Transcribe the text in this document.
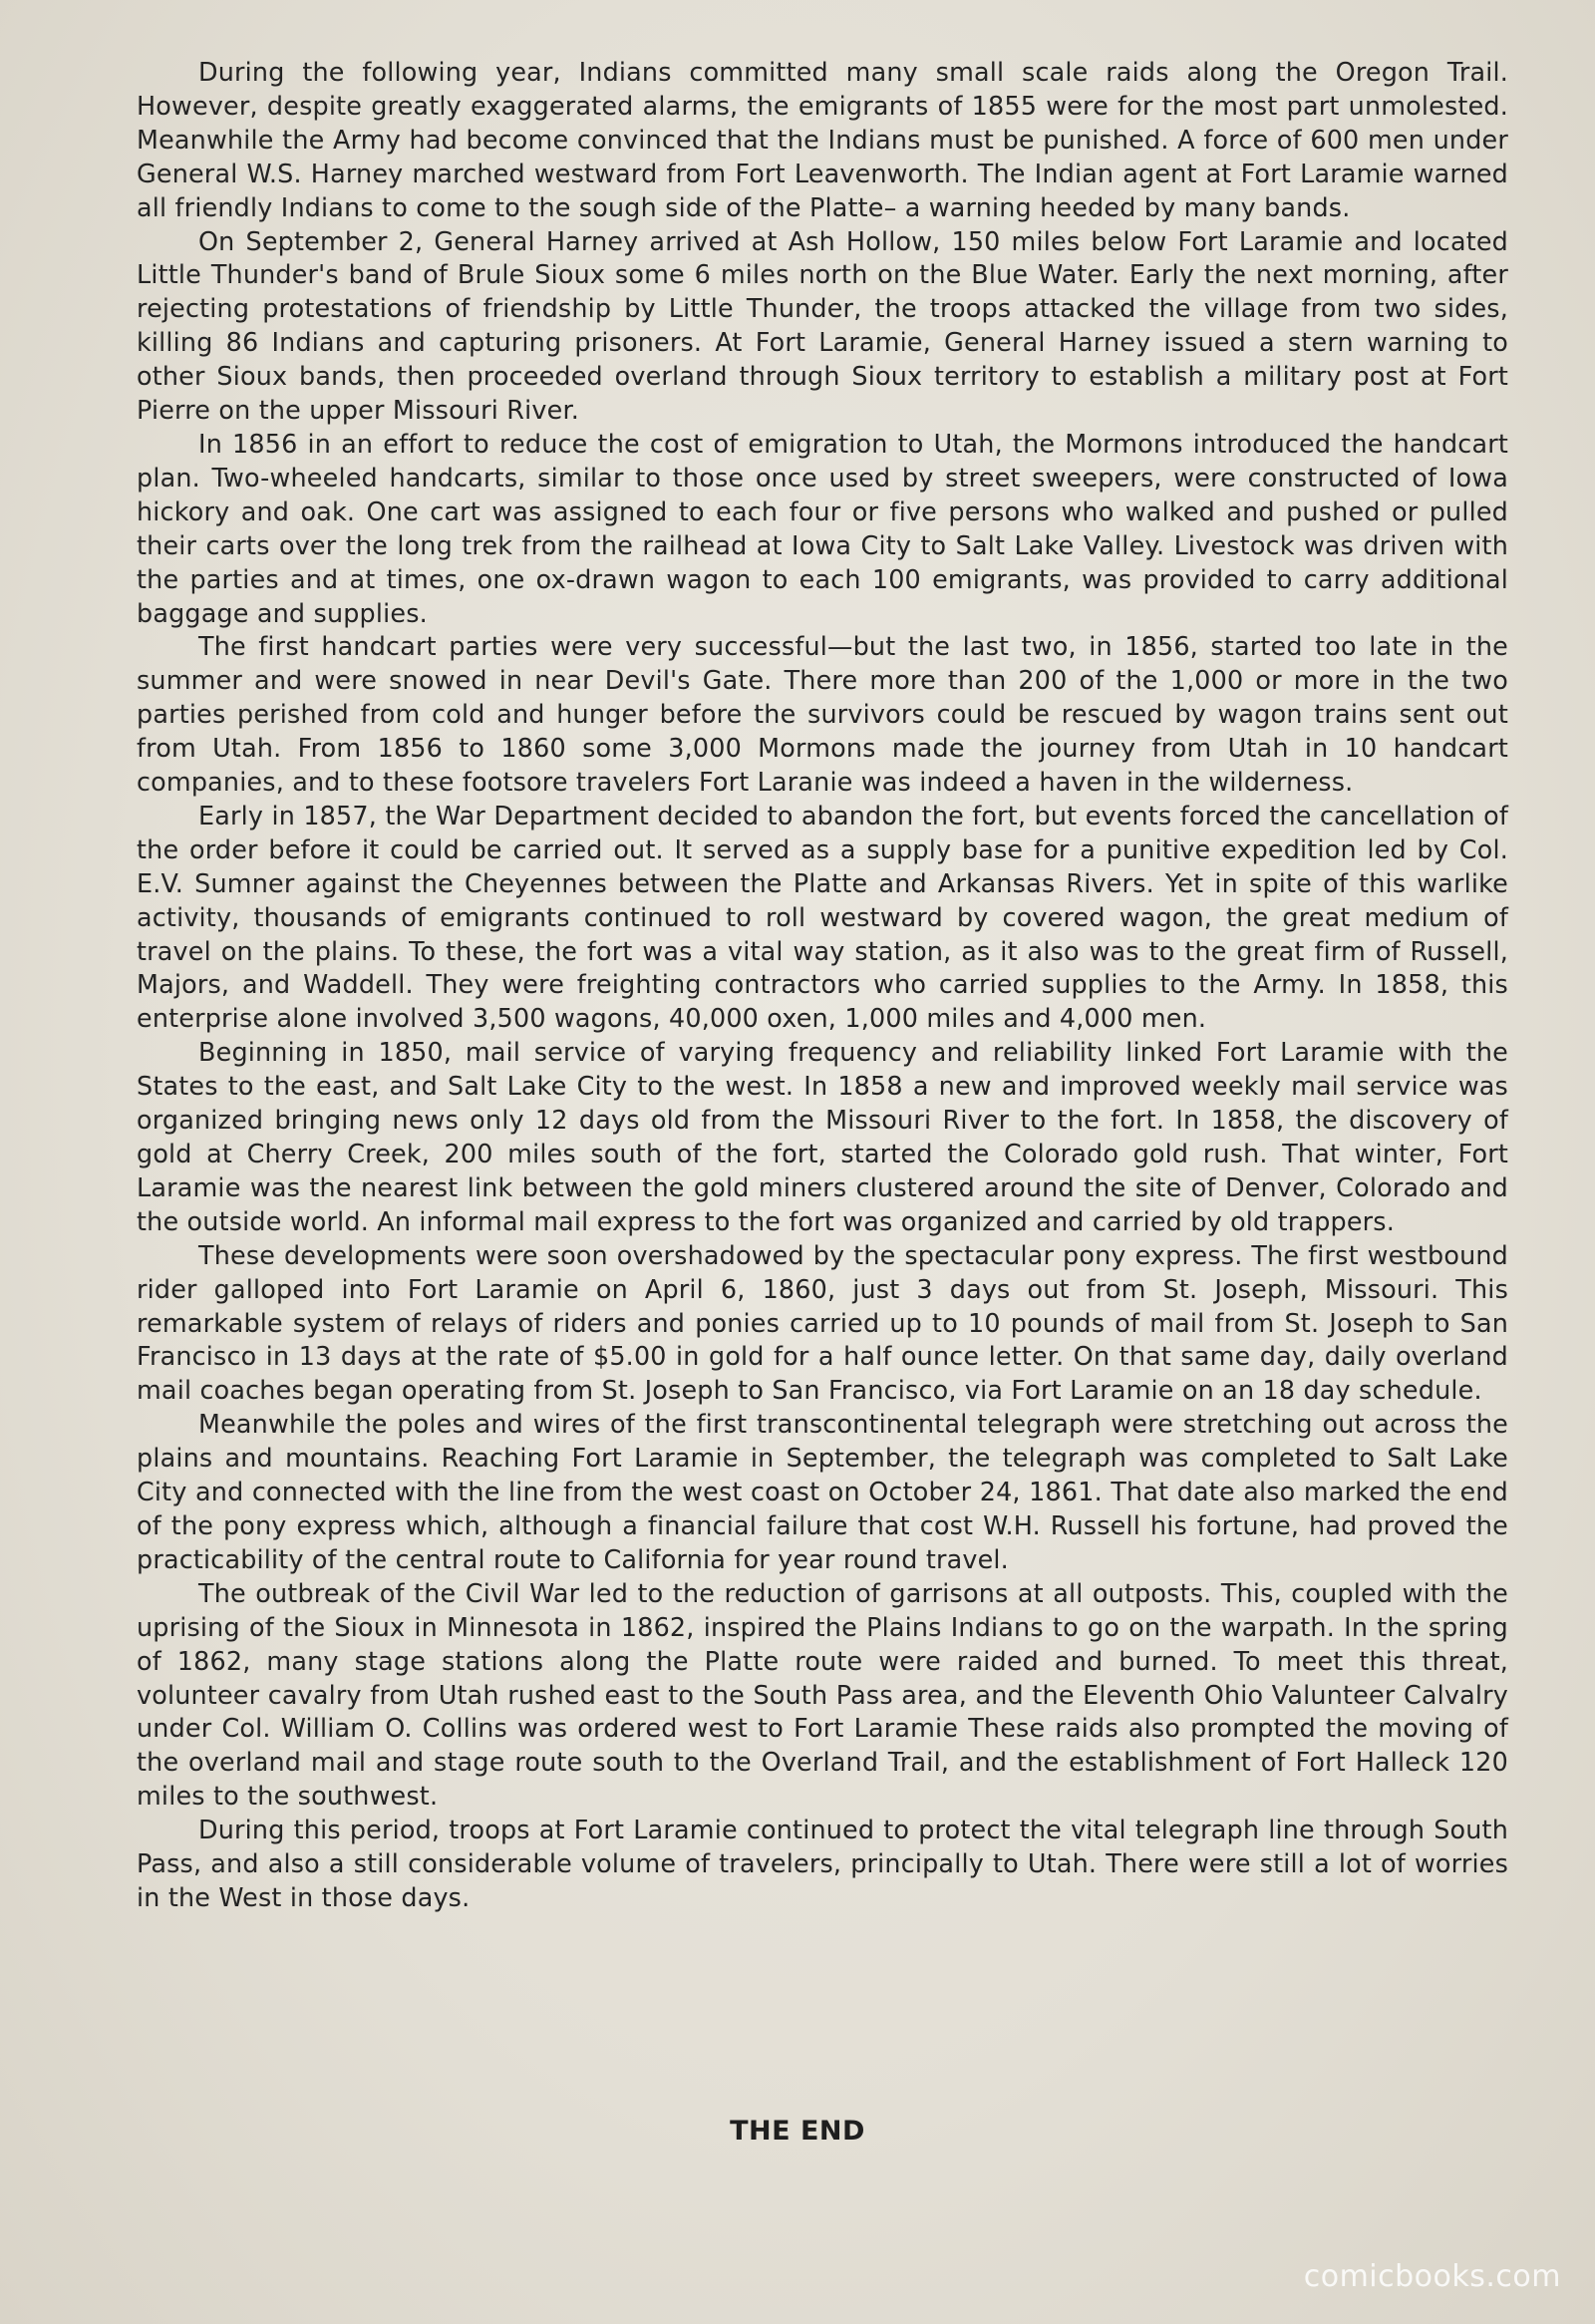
During the following year, Indians committed many small scale raids along the Oregon Trail. However, despite greatly exaggerated alarms, the emigrants of 1855 were for the most part unmolested. Meanwhile the Army had become convinced that the Indians must be punished. A force of 600 men under General W.S. Harney marched westward from Fort Leavenworth. The Indian agent at Fort Laramie warned all friendly Indians to come to the sough side of the Platte– a warning heeded by many bands.

On September 2, General Harney arrived at Ash Hollow, 150 miles below Fort Laramie and located Little Thunder's band of Brule Sioux some 6 miles north on the Blue Water. Early the next morning, after rejecting protestations of friendship by Little Thunder, the troops attacked the village from two sides, killing 86 Indians and capturing prisoners. At Fort Laramie, General Harney issued a stern warning to other Sioux bands, then proceeded overland through Sioux territory to establish a military post at Fort Pierre on the upper Missouri River.

In 1856 in an effort to reduce the cost of emigration to Utah, the Mormons introduced the handcart plan. Two-wheeled handcarts, similar to those once used by street sweepers, were constructed of Iowa hickory and oak. One cart was assigned to each four or five persons who walked and pushed or pulled their carts over the long trek from the railhead at Iowa City to Salt Lake Valley. Livestock was driven with the parties and at times, one ox-drawn wagon to each 100 emigrants, was provided to carry additional baggage and supplies.

The first handcart parties were very successful—but the last two, in 1856, started too late in the summer and were snowed in near Devil's Gate. There more than 200 of the 1,000 or more in the two parties perished from cold and hunger before the survivors could be rescued by wagon trains sent out from Utah. From 1856 to 1860 some 3,000 Mormons made the journey from Utah in 10 handcart companies, and to these footsore travelers Fort Laranie was indeed a haven in the wilderness.

Early in 1857, the War Department decided to abandon the fort, but events forced the cancellation of the order before it could be carried out. It served as a supply base for a punitive expedition led by Col. E.V. Sumner against the Cheyennes between the Platte and Arkansas Rivers. Yet in spite of this warlike activity, thousands of emigrants continued to roll westward by covered wagon, the great medium of travel on the plains. To these, the fort was a vital way station, as it also was to the great firm of Russell, Majors, and Waddell. They were freighting contractors who carried supplies to the Army. In 1858, this enterprise alone involved 3,500 wagons, 40,000 oxen, 1,000 miles and 4,000 men.

Beginning in 1850, mail service of varying frequency and reliability linked Fort Laramie with the States to the east, and Salt Lake City to the west. In 1858 a new and improved weekly mail service was organized bringing news only 12 days old from the Missouri River to the fort. In 1858, the discovery of gold at Cherry Creek, 200 miles south of the fort, started the Colorado gold rush. That winter, Fort Laramie was the nearest link between the gold miners clustered around the site of Denver, Colorado and the outside world. An informal mail express to the fort was organized and carried by old trappers.

These developments were soon overshadowed by the spectacular pony express. The first westbound rider galloped into Fort Laramie on April 6, 1860, just 3 days out from St. Joseph, Missouri. This remarkable system of relays of riders and ponies carried up to 10 pounds of mail from St. Joseph to San Francisco in 13 days at the rate of $5.00 in gold for a half ounce letter. On that same day, daily overland mail coaches began operating from St. Joseph to San Francisco, via Fort Laramie on an 18 day schedule.

Meanwhile the poles and wires of the first transcontinental telegraph were stretching out across the plains and mountains. Reaching Fort Laramie in September, the telegraph was completed to Salt Lake City and connected with the line from the west coast on October 24, 1861. That date also marked the end of the pony express which, although a financial failure that cost W.H. Russell his fortune, had proved the practicability of the central route to California for year round travel.

The outbreak of the Civil War led to the reduction of garrisons at all outposts. This, coupled with the uprising of the Sioux in Minnesota in 1862, inspired the Plains Indians to go on the warpath. In the spring of 1862, many stage stations along the Platte route were raided and burned. To meet this threat, volunteer cavalry from Utah rushed east to the South Pass area, and the Eleventh Ohio Valunteer Calvalry under Col. William O. Collins was ordered west to Fort Laramie These raids also prompted the moving of the overland mail and stage route south to the Overland Trail, and the establishment of Fort Halleck 120 miles to the southwest.

During this period, troops at Fort Laramie continued to protect the vital telegraph line through South Pass, and also a still considerable volume of travelers, principally to Utah. There were still a lot of worries in the West in those days.

THE END
comicbooks.com
